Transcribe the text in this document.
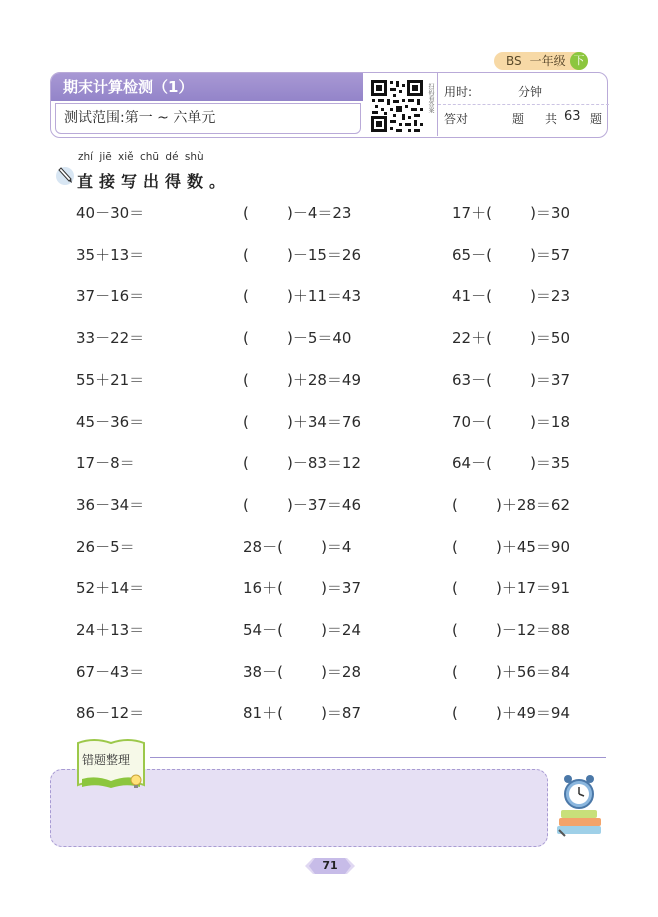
BS 一年级 下
期末计算检测（1）
测试范围:第一 ~ 六单元
扫码看答案 用时:	分钟
答对	题 共 63 题
zhí jiē xiě chū dé shù
直接写出得数。
40－30＝
35＋13＝
37－16＝
33－22＝
55＋21＝
45－36＝
17－8＝
36－34＝
26－5＝
52＋14＝
24＋13＝
67－43＝
86－12＝
(        )－4＝23
(        )－15＝26
(        )＋11＝43
(        )－5＝40
(        )＋28＝49
(        )＋34＝76
(        )－83＝12
(        )－37＝46
28－(        )＝4
16＋(        )＝37
54－(        )＝24
38－(        )＝28
81＋(        )＝87
17＋(        )＝30
65－(        )＝57
41－(        )＝23
22＋(        )＝50
63－(        )＝37
70－(        )＝18
64－(        )＝35
(        )＋28＝62
(        )＋45＝90
(        )＋17＝91
(        )－12＝88
(        )＋56＝84
(        )＋49＝94
错题整理
71
